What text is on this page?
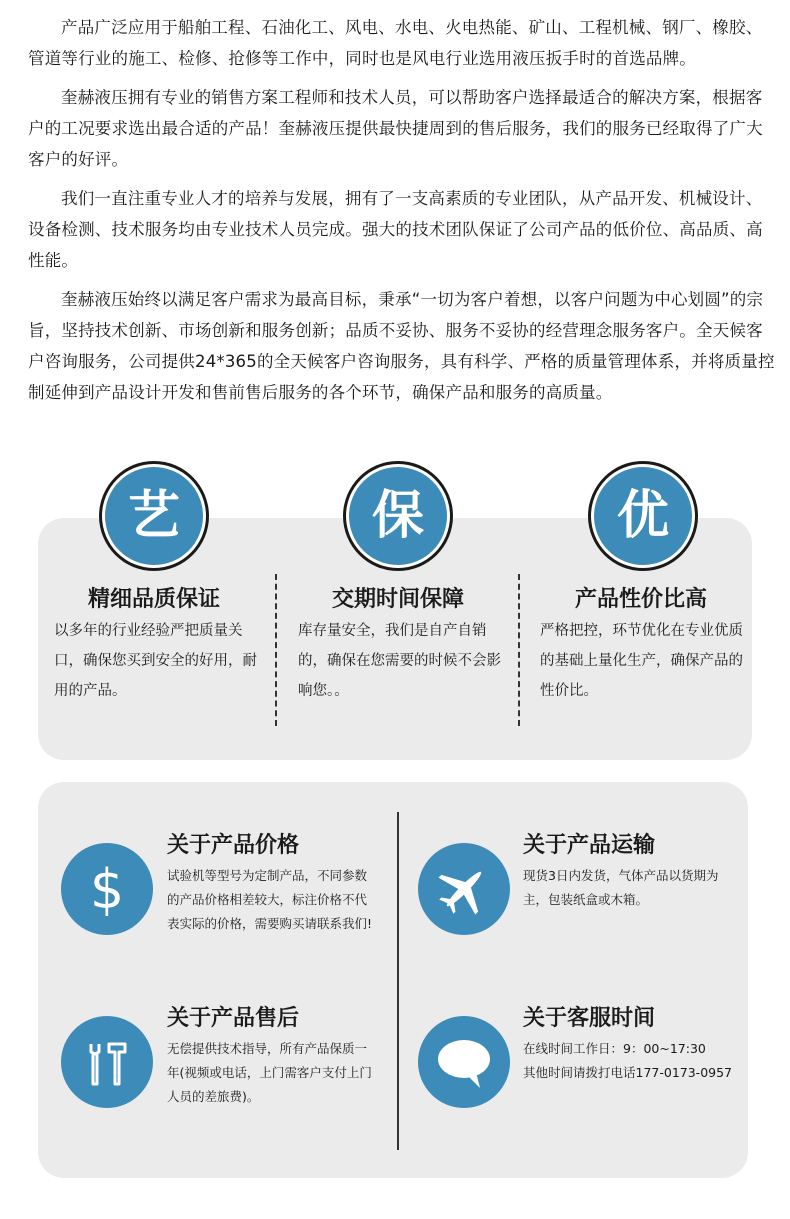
产品广泛应用于船舶工程、石油化工、风电、水电、火电热能、矿山、工程机械、钢厂、橡胶、管道等行业的施工、检修、抢修等工作中，同时也是风电行业选用液压扳手时的首选品牌。

奎赫液压拥有专业的销售方案工程师和技术人员，可以帮助客户选择最适合的解决方案，根据客户的工况要求选出最合适的产品！奎赫液压提供最快捷周到的售后服务，我们的服务已经取得了广大客户的好评。

我们一直注重专业人才的培养与发展，拥有了一支高素质的专业团队，从产品开发、机械设计、设备检测、技术服务均由专业技术人员完成。强大的技术团队保证了公司产品的低价位、高品质、高性能。

奎赫液压始终以满足客户需求为最高目标，秉承“一切为客户着想，以客户问题为中心划圆”的宗旨，坚持技术创新、市场创新和服务创新；品质不妥协、服务不妥协的经营理念服务客户。全天候客户咨询服务，公司提供24*365的全天候客户咨询服务，具有科学、严格的质量管理体系，并将质量控制延伸到产品设计开发和售前售后服务的各个环节，确保产品和服务的高质量。

艺	保	优
精细品质保证	交期时间保障	产品性价比高
以多年的行业经验严把质量关口，确保您买到安全的好用，耐用的产品。
库存量安全，我们是自产自销的，确保在您需要的时候不会影响您。。
严格把控，环节优化在专业优质的基础上量化生产，确保产品的性价比。
$
关于产品价格
试验机等型号为定制产品，不同参数的产品价格相差较大，标注价格不代表实际的价格，需要购买请联系我们!
关于产品运输
现货3日内发货，气体产品以货期为主，包装纸盒或木箱。
关于产品售后
无偿提供技术指导，所有产品保质一年(视频或电话，上门需客户支付上门人员的差旅费)。
关于客服时间
在线时间工作日：9：00~17:30
其他时间请拨打电话177-0173-0957
